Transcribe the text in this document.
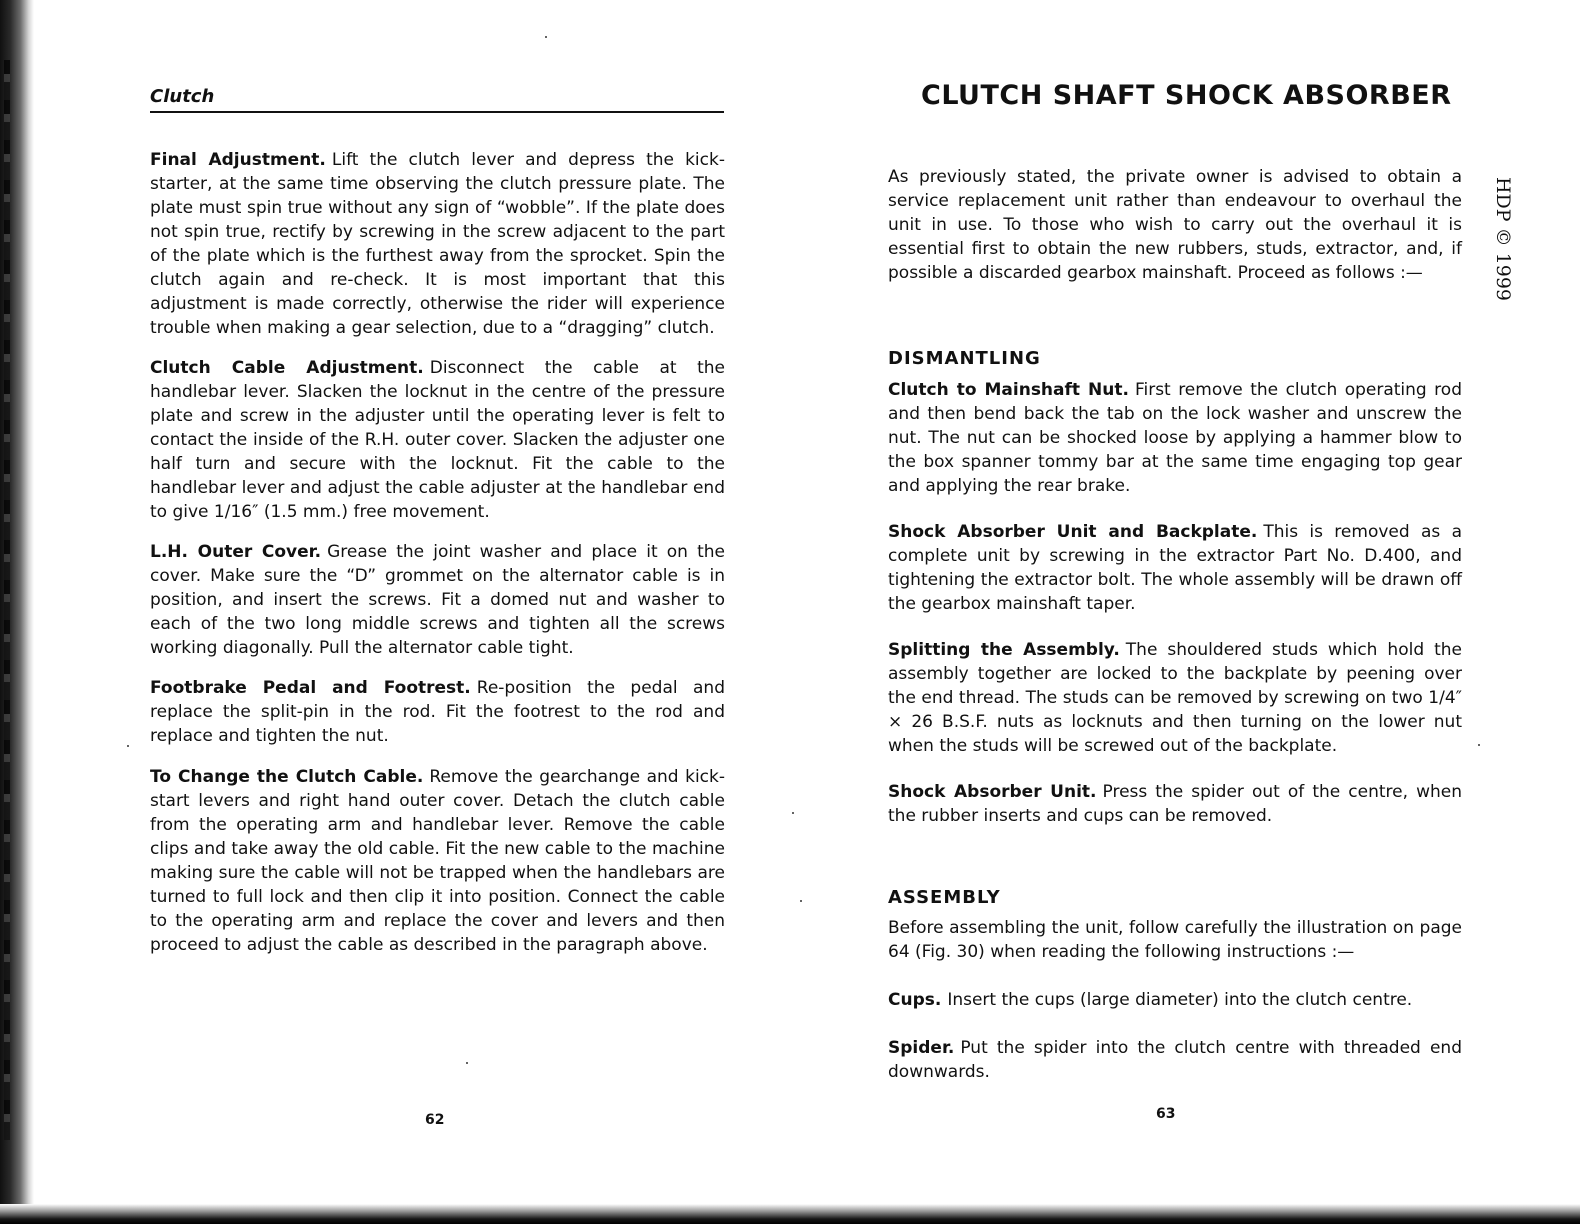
Clutch
Final Adjustment. Lift the clutch lever and depress the kick-starter, at the same time observing the clutch pressure plate. The plate must spin true without any sign of “wobble”. If the plate does not spin true, rectify by screwing in the screw adjacent to the part of the plate which is the furthest away from the sprocket. Spin the clutch again and re-check. It is most important that this adjustment is made correctly, otherwise the rider will experience trouble when making a gear selection, due to a “dragging” clutch.
Clutch Cable Adjustment. Disconnect the cable at the handlebar lever. Slacken the locknut in the centre of the pressure plate and screw in the adjuster until the operating lever is felt to contact the inside of the R.H. outer cover. Slacken the adjuster one half turn and secure with the locknut. Fit the cable to the handlebar lever and adjust the cable adjuster at the handlebar end to give 1/16″ (1.5 mm.) free movement.
L.H. Outer Cover. Grease the joint washer and place it on the cover. Make sure the “D” grommet on the alternator cable is in position, and insert the screws. Fit a domed nut and washer to each of the two long middle screws and tighten all the screws working diagonally. Pull the alternator cable tight.
Footbrake Pedal and Footrest. Re-position the pedal and replace the split-pin in the rod. Fit the footrest to the rod and replace and tighten the nut.
To Change the Clutch Cable. Remove the gearchange and kick-start levers and right hand outer cover. Detach the clutch cable from the operating arm and handlebar lever. Remove the cable clips and take away the old cable. Fit the new cable to the machine making sure the cable will not be trapped when the handlebars are turned to full lock and then clip it into position. Connect the cable to the operating arm and replace the cover and levers and then proceed to adjust the cable as described in the paragraph above.
62
CLUTCH SHAFT SHOCK ABSORBER
As previously stated, the private owner is advised to obtain a service replacement unit rather than endeavour to overhaul the unit in use. To those who wish to carry out the overhaul it is essential first to obtain the new rubbers, studs, extractor, and, if possible a discarded gearbox mainshaft. Proceed as follows :—
DISMANTLING
Clutch to Mainshaft Nut. First remove the clutch operating rod and then bend back the tab on the lock washer and unscrew the nut. The nut can be shocked loose by applying a hammer blow to the box spanner tommy bar at the same time engaging top gear and applying the rear brake.
Shock Absorber Unit and Backplate. This is removed as a complete unit by screwing in the extractor Part No. D.400, and tightening the extractor bolt. The whole assembly will be drawn off the gearbox mainshaft taper.
Splitting the Assembly. The shouldered studs which hold the assembly together are locked to the backplate by peening over the end thread. The studs can be removed by screwing on two 1/4″ × 26 B.S.F. nuts as locknuts and then turning on the lower nut when the studs will be screwed out of the backplate.
Shock Absorber Unit. Press the spider out of the centre, when the rubber inserts and cups can be removed.
ASSEMBLY
Before assembling the unit, follow carefully the illustration on page 64 (Fig. 30) when reading the following instructions :—
Cups. Insert the cups (large diameter) into the clutch centre.
Spider. Put the spider into the clutch centre with threaded end downwards.
63
HDP © 1999
